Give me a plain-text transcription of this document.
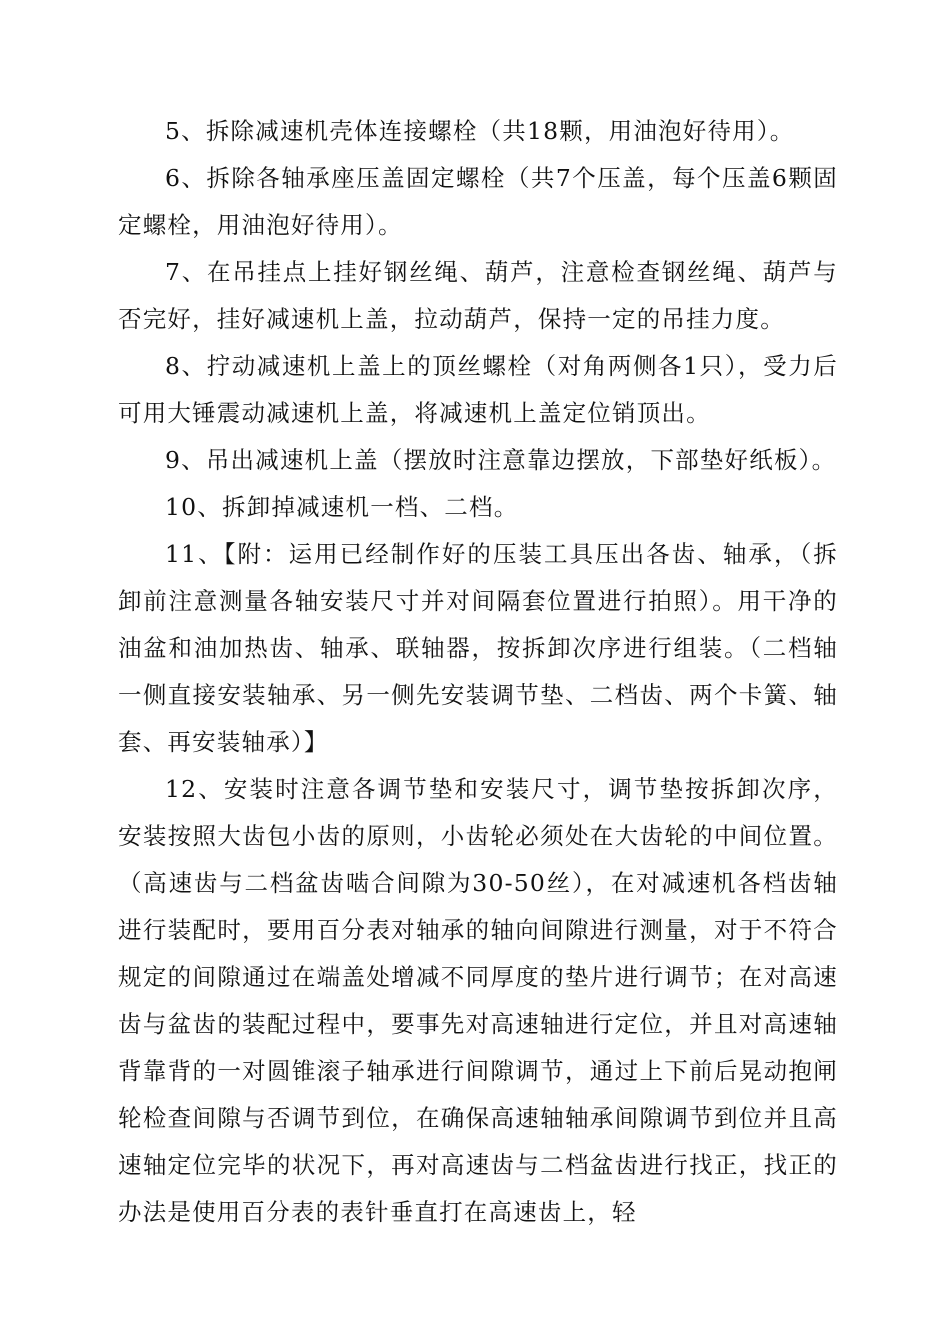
5、拆除减速机壳体连接螺栓（共18颗，用油泡好待用）。

6、拆除各轴承座压盖固定螺栓（共7个压盖，每个压盖6颗固定螺栓，用油泡好待用）。

7、在吊挂点上挂好钢丝绳、葫芦，注意检查钢丝绳、葫芦与否完好，挂好减速机上盖，拉动葫芦，保持一定的吊挂力度。

8、拧动减速机上盖上的顶丝螺栓（对角两侧各1只），受力后可用大锤震动减速机上盖，将减速机上盖定位销顶出。

9、吊出减速机上盖（摆放时注意靠边摆放，下部垫好纸板）。

10、拆卸掉减速机一档、二档。

11、【附：运用已经制作好的压装工具压出各齿、轴承，（拆卸前注意测量各轴安装尺寸并对间隔套位置进行拍照）。用干净的油盆和油加热齿、轴承、联轴器，按拆卸次序进行组装。（二档轴一侧直接安装轴承、另一侧先安装调节垫、二档齿、两个卡簧、轴套、再安装轴承）】

12、安装时注意各调节垫和安装尺寸，调节垫按拆卸次序，安装按照大齿包小齿的原则，小齿轮必须处在大齿轮的中间位置。（高速齿与二档盆齿啮合间隙为30-50丝），在对减速机各档齿轴进行装配时，要用百分表对轴承的轴向间隙进行测量，对于不符合规定的间隙通过在端盖处增减不同厚度的垫片进行调节；在对高速齿与盆齿的装配过程中，要事先对高速轴进行定位，并且对高速轴背靠背的一对圆锥滚子轴承进行间隙调节，通过上下前后晃动抱闸轮检查间隙与否调节到位，在确保高速轴轴承间隙调节到位并且高速轴定位完毕的状况下，再对高速齿与二档盆齿进行找正，找正的办法是使用百分表的表针垂直打在高速齿上，轻
